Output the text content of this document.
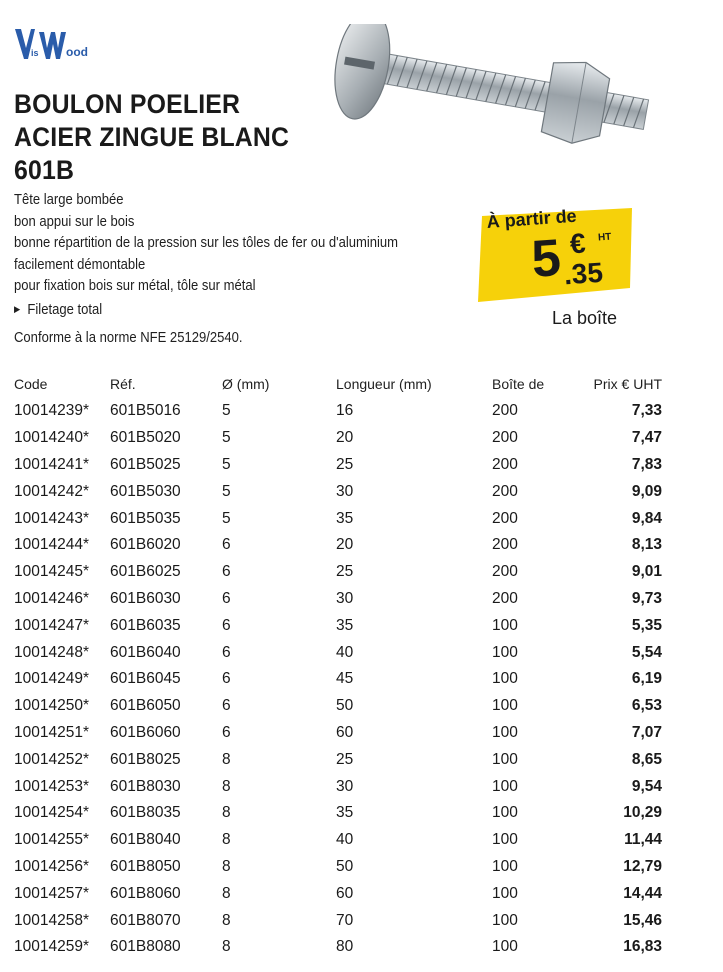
is ood
BOULON POELIER
ACIER ZINGUE BLANC
601B
Tête large bombée
bon appui sur le bois
bonne répartition de la pression sur les tôles de fer ou d'aluminium
facilement démontable
pour fixation bois sur métal, tôle sur métal
▶ Filetage total
Conforme à la norme NFE 25129/2540.
À partir de
5 € HT
.35
La boîte
Code	Réf.	Ø (mm)	Longueur (mm)	Boîte de	Prix € UHT
10014239*	601B5016	5	16	200	7,33
10014240*	601B5020	5	20	200	7,47
10014241*	601B5025	5	25	200	7,83
10014242*	601B5030	5	30	200	9,09
10014243*	601B5035	5	35	200	9,84
10014244*	601B6020	6	20	200	8,13
10014245*	601B6025	6	25	200	9,01
10014246*	601B6030	6	30	200	9,73
10014247*	601B6035	6	35	100	5,35
10014248*	601B6040	6	40	100	5,54
10014249*	601B6045	6	45	100	6,19
10014250*	601B6050	6	50	100	6,53
10014251*	601B6060	6	60	100	7,07
10014252*	601B8025	8	25	100	8,65
10014253*	601B8030	8	30	100	9,54
10014254*	601B8035	8	35	100	10,29
10014255*	601B8040	8	40	100	11,44
10014256*	601B8050	8	50	100	12,79
10014257*	601B8060	8	60	100	14,44
10014258*	601B8070	8	70	100	15,46
10014259*	601B8080	8	80	100	16,83
